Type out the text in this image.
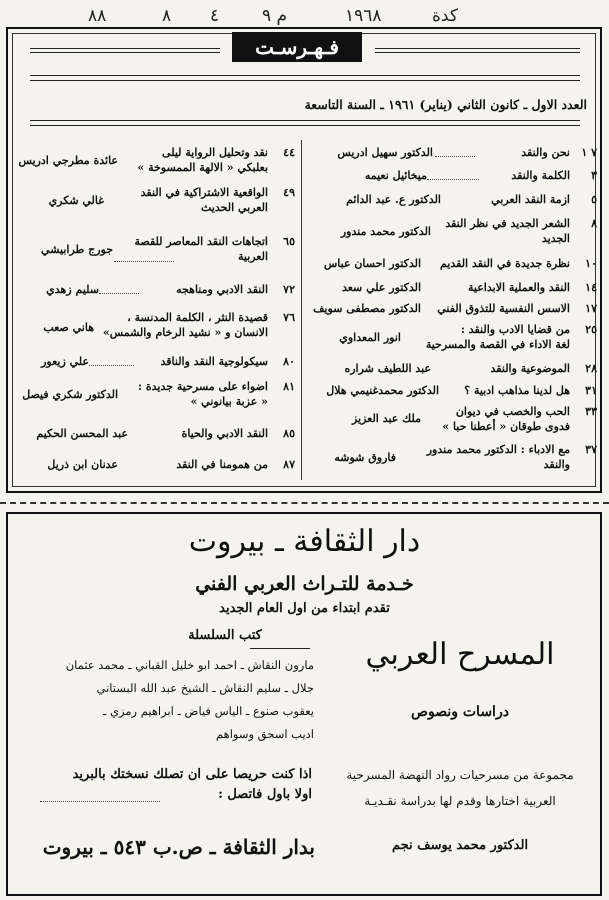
كدة
١٩٦٨
م ٩
٤
٨
٨٨
فـهـرسـت
العدد الاول ـ كانون الثاني (يناير) ١٩٦١ ـ السنة التاسعة
٧ ١
نحن والنقد
الدكتور سهيل ادريس
٣
الكلمة والنقد
ميخائيل نعيمه
٥
ازمة النقد العربي
الدكتور ع. عبد الدائم
٨
الشعر الجديد في نظر النقد
الجديد
الدكتور محمد مندور
١٠
نظرة جديدة في النقد القديم
الدكتور احسان عباس
١٤
النقد والعملية الابداعية
الدكتور علي سعد
١٧
الاسس النفسية للتذوق الفني
الدكتور مصطفى سويف
٢٥
من قضايا الادب والنقد :
لغة الاداء في القصة والمسرحية
انور المعداوي
٢٨
الموضوعية والنقد
عبد اللطيف شراره
٣١
هل لدينا مذاهب ادبية ؟
الدكتور محمدغنيمي هلال
٣٣
الحب والخصب في ديوان
فدوى طوقان « أعطنا حبا »
ملك عبد العزيز
٣٧
مع الادباء : الدكتور محمد مندور
والنقد
فاروق شوشه
٤٤
نقد وتحليل الرواية ليلى
بعلبكي « الالهة الممسوخة »
عائدة مطرجي ادريس
٤٩
الواقعية الاشتراكية في النقد
العربي الحديث
غالي شكري
٦٥
اتجاهات النقد المعاصر للقصة
العربية
جورج طرابيشي
٧٢
النقد الادبي ومناهجه
سليم زهدي
٧٦
قصيدة النثر ، الكلمة المدنسة ،
الانسان و « نشيد الرخام والشمس»
هاني صعب
٨٠
سيكولوجية النقد والناقد
علي زيعور
٨١
اضواء على مسرحية جديدة :
« عزبة بيانوني »
الدكتور شكري فيصل
٨٥
النقد الادبي والحياة
عبد المحسن الحكيم
٨٧
من همومنا في النقد
عدنان ابن ذريل
دار الثقافة ـ بيروت
خـدمة للتـراث العربي الفني
تقدم ابتداء من اول العام الجديد
المسرح العربي
دراسات ونصوص
مجموعة من مسرحيات رواد النهضة المسرحية
العربية اختارها وقدم لها بدراسة نقـديـة
الدكتور محمد يوسف نجم
كتب السلسلة
مارون النقاش ـ احمد ابو خليل القباني ـ محمد عثمان
جلال ـ سليم النقاش ـ الشيخ عبد الله البستاني
يعقوب صنوع ـ الياس فياض ـ ابراهيم رمزي ـ
اديب اسحق وسواهم
اذا كنت حريصا على ان تصلك نسختك بالبريد
اولا باول فاتصل :
بدار الثقافة ـ ص.ب ٥٤٣ ـ بيروت
